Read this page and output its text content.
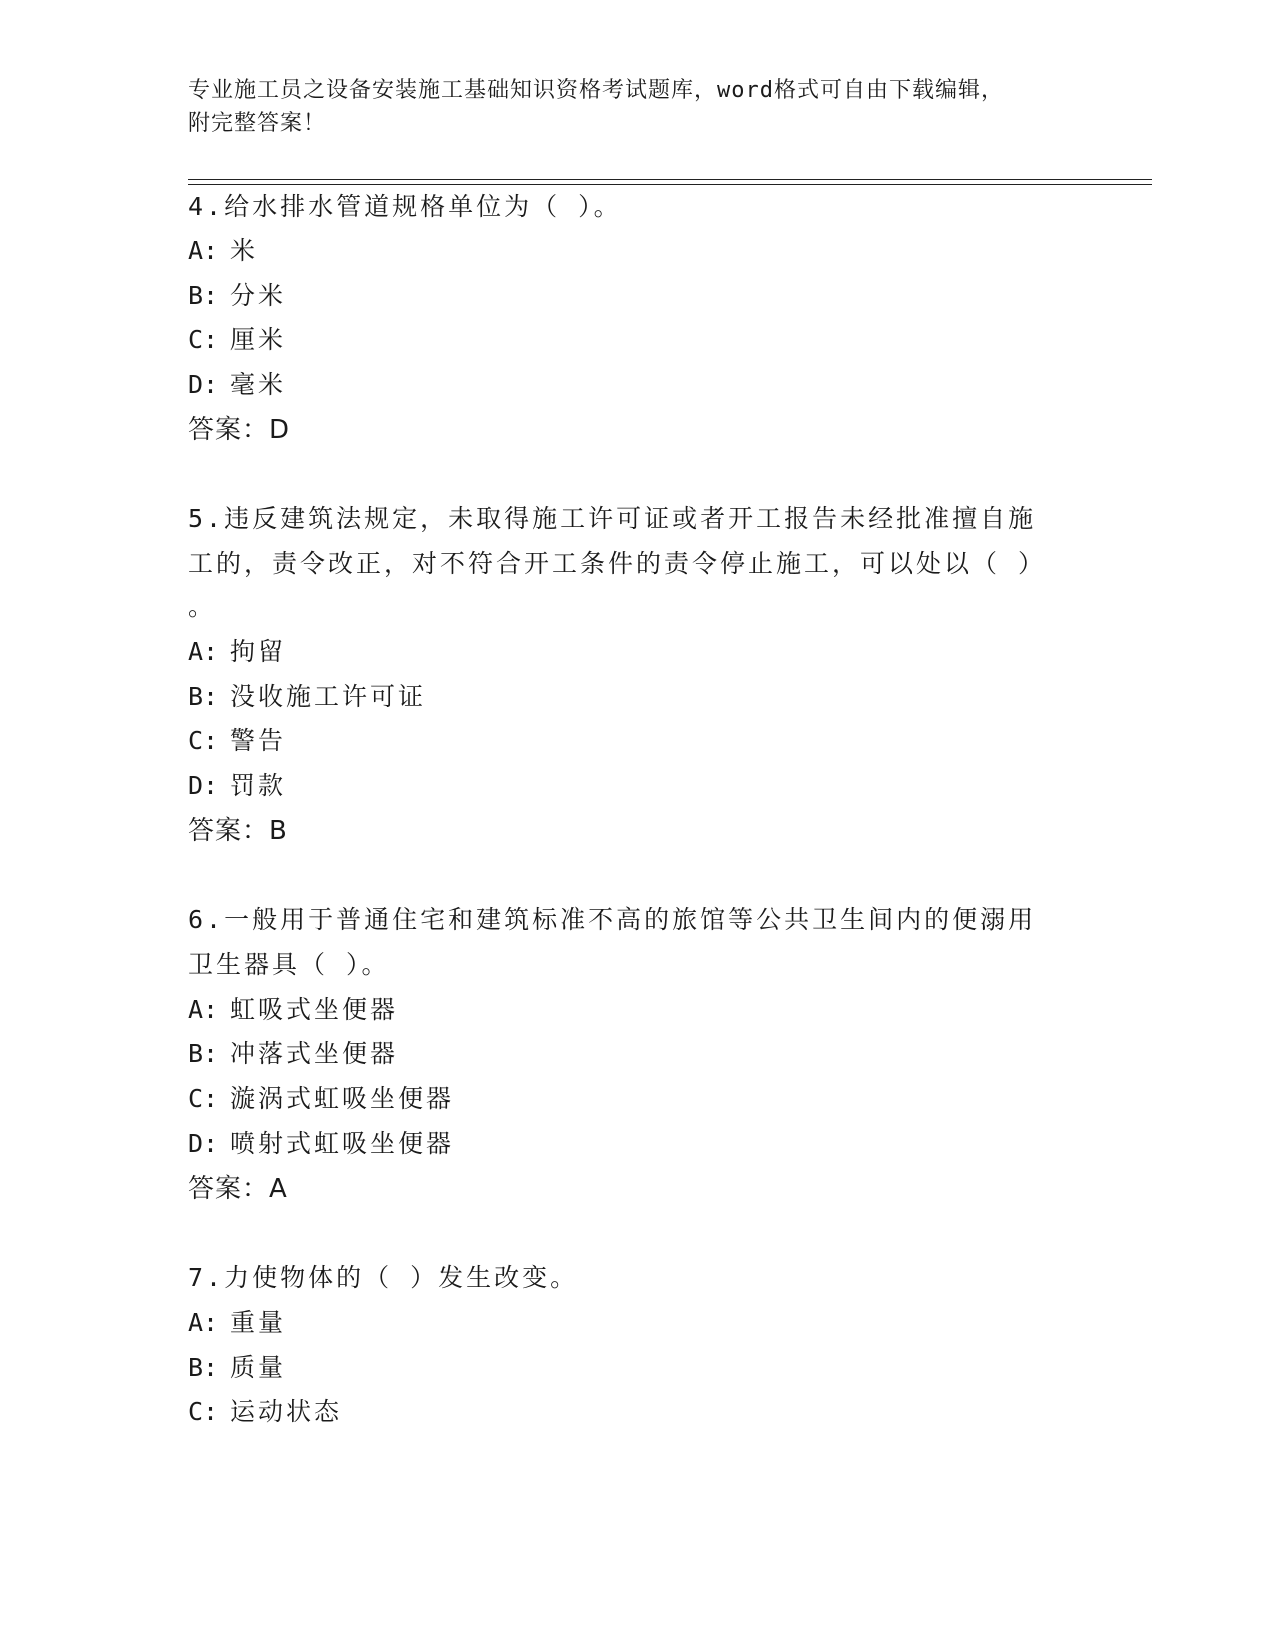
专业施工员之设备安装施工基础知识资格考试题库，word格式可自由下载编辑，
附完整答案！
4.给水排水管道规格单位为（ ）。
A: 米
B: 分米
C: 厘米
D: 毫米
答案：D
5.违反建筑法规定，未取得施工许可证或者开工报告未经批准擅自施
工的，责令改正，对不符合开工条件的责令停止施工，可以处以（ ）
。
A: 拘留
B: 没收施工许可证
C: 警告
D: 罚款
答案：B
6.一般用于普通住宅和建筑标准不高的旅馆等公共卫生间内的便溺用
卫生器具（ ）。
A: 虹吸式坐便器
B: 冲落式坐便器
C: 漩涡式虹吸坐便器
D: 喷射式虹吸坐便器
答案：A
7.力使物体的（ ）发生改变。
A: 重量
B: 质量
C: 运动状态
